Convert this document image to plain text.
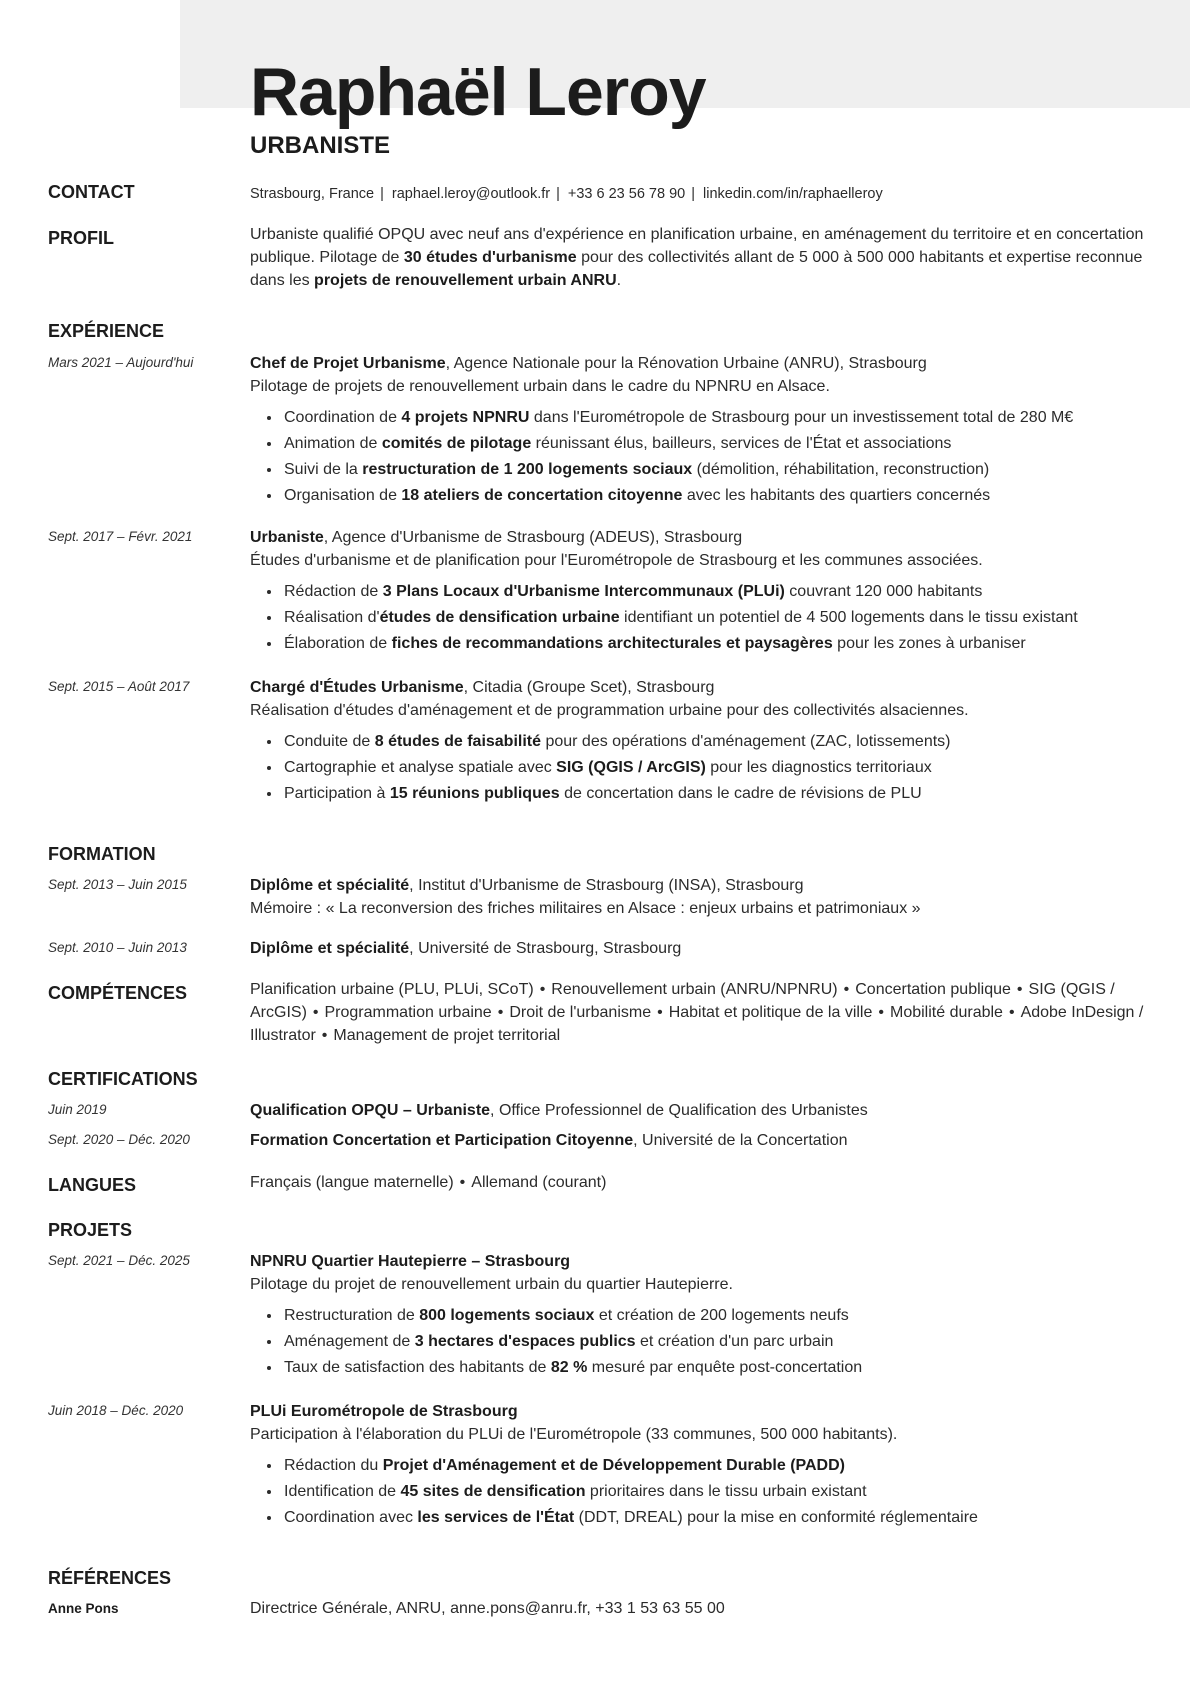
Raphaël Leroy
URBANISTE
CONTACT	Strasbourg, France | raphael.leroy@outlook.fr | +33 6 23 56 78 90 | linkedin.com/in/raphaelleroy
PROFIL	Urbaniste qualifié OPQU avec neuf ans d'expérience en planification urbaine, en aménagement du territoire et en concertation publique. Pilotage de 30 études d'urbanisme pour des collectivités allant de 5 000 à 500 000 habitants et expertise reconnue dans les projets de renouvellement urbain ANRU.

EXPÉRIENCE
Mars 2021 – Aujourd'hui	Chef de Projet Urbanisme, Agence Nationale pour la Rénovation Urbaine (ANRU), Strasbourg

Pilotage de projets de renouvellement urbain dans le cadre du NPNRU en Alsace.

• Coordination de 4 projets NPNRU dans l'Eurométropole de Strasbourg pour un investissement total de 280 M€
• Animation de comités de pilotage réunissant élus, bailleurs, services de l'État et associations
• Suivi de la restructuration de 1 200 logements sociaux (démolition, réhabilitation, reconstruction)
• Organisation de 18 ateliers de concertation citoyenne avec les habitants des quartiers concernés
Sept. 2017 – Févr. 2021	Urbaniste, Agence d'Urbanisme de Strasbourg (ADEUS), Strasbourg

Études d'urbanisme et de planification pour l'Eurométropole de Strasbourg et les communes associées.

• Rédaction de 3 Plans Locaux d'Urbanisme Intercommunaux (PLUi) couvrant 120 000 habitants
• Réalisation d'études de densification urbaine identifiant un potentiel de 4 500 logements dans le tissu existant
• Élaboration de fiches de recommandations architecturales et paysagères pour les zones à urbaniser
Sept. 2015 – Août 2017	Chargé d'Études Urbanisme, Citadia (Groupe Scet), Strasbourg

Réalisation d'études d'aménagement et de programmation urbaine pour des collectivités alsaciennes.

• Conduite de 8 études de faisabilité pour des opérations d'aménagement (ZAC, lotissements)
• Cartographie et analyse spatiale avec SIG (QGIS / ArcGIS) pour les diagnostics territoriaux
• Participation à 15 réunions publiques de concertation dans le cadre de révisions de PLU
FORMATION
Sept. 2013 – Juin 2015	Diplôme et spécialité, Institut d'Urbanisme de Strasbourg (INSA), Strasbourg

Mémoire : « La reconversion des friches militaires en Alsace : enjeux urbains et patrimoniaux »

Sept. 2010 – Juin 2013	Diplôme et spécialité, Université de Strasbourg, Strasbourg

COMPÉTENCES	Planification urbaine (PLU, PLUi, SCoT) • Renouvellement urbain (ANRU/NPNRU) • Concertation publique • SIG (QGIS / ArcGIS) • Programmation urbaine • Droit de l'urbanisme • Habitat et politique de la ville • Mobilité durable • Adobe InDesign / Illustrator • Management de projet territorial

CERTIFICATIONS
Juin 2019	Qualification OPQU – Urbaniste, Office Professionnel de Qualification des Urbanistes

Sept. 2020 – Déc. 2020	Formation Concertation et Participation Citoyenne, Université de la Concertation

LANGUES	Français (langue maternelle) • Allemand (courant)

PROJETS
Sept. 2021 – Déc. 2025	NPNRU Quartier Hautepierre – Strasbourg

Pilotage du projet de renouvellement urbain du quartier Hautepierre.

• Restructuration de 800 logements sociaux et création de 200 logements neufs
• Aménagement de 3 hectares d'espaces publics et création d'un parc urbain
• Taux de satisfaction des habitants de 82 % mesuré par enquête post-concertation
Juin 2018 – Déc. 2020	PLUi Eurométropole de Strasbourg

Participation à l'élaboration du PLUi de l'Eurométropole (33 communes, 500 000 habitants).

• Rédaction du Projet d'Aménagement et de Développement Durable (PADD)
• Identification de 45 sites de densification prioritaires dans le tissu urbain existant
• Coordination avec les services de l'État (DDT, DREAL) pour la mise en conformité réglementaire
RÉFÉRENCES
Anne Pons	Directrice Générale, ANRU, anne.pons@anru.fr, +33 1 53 63 55 00
